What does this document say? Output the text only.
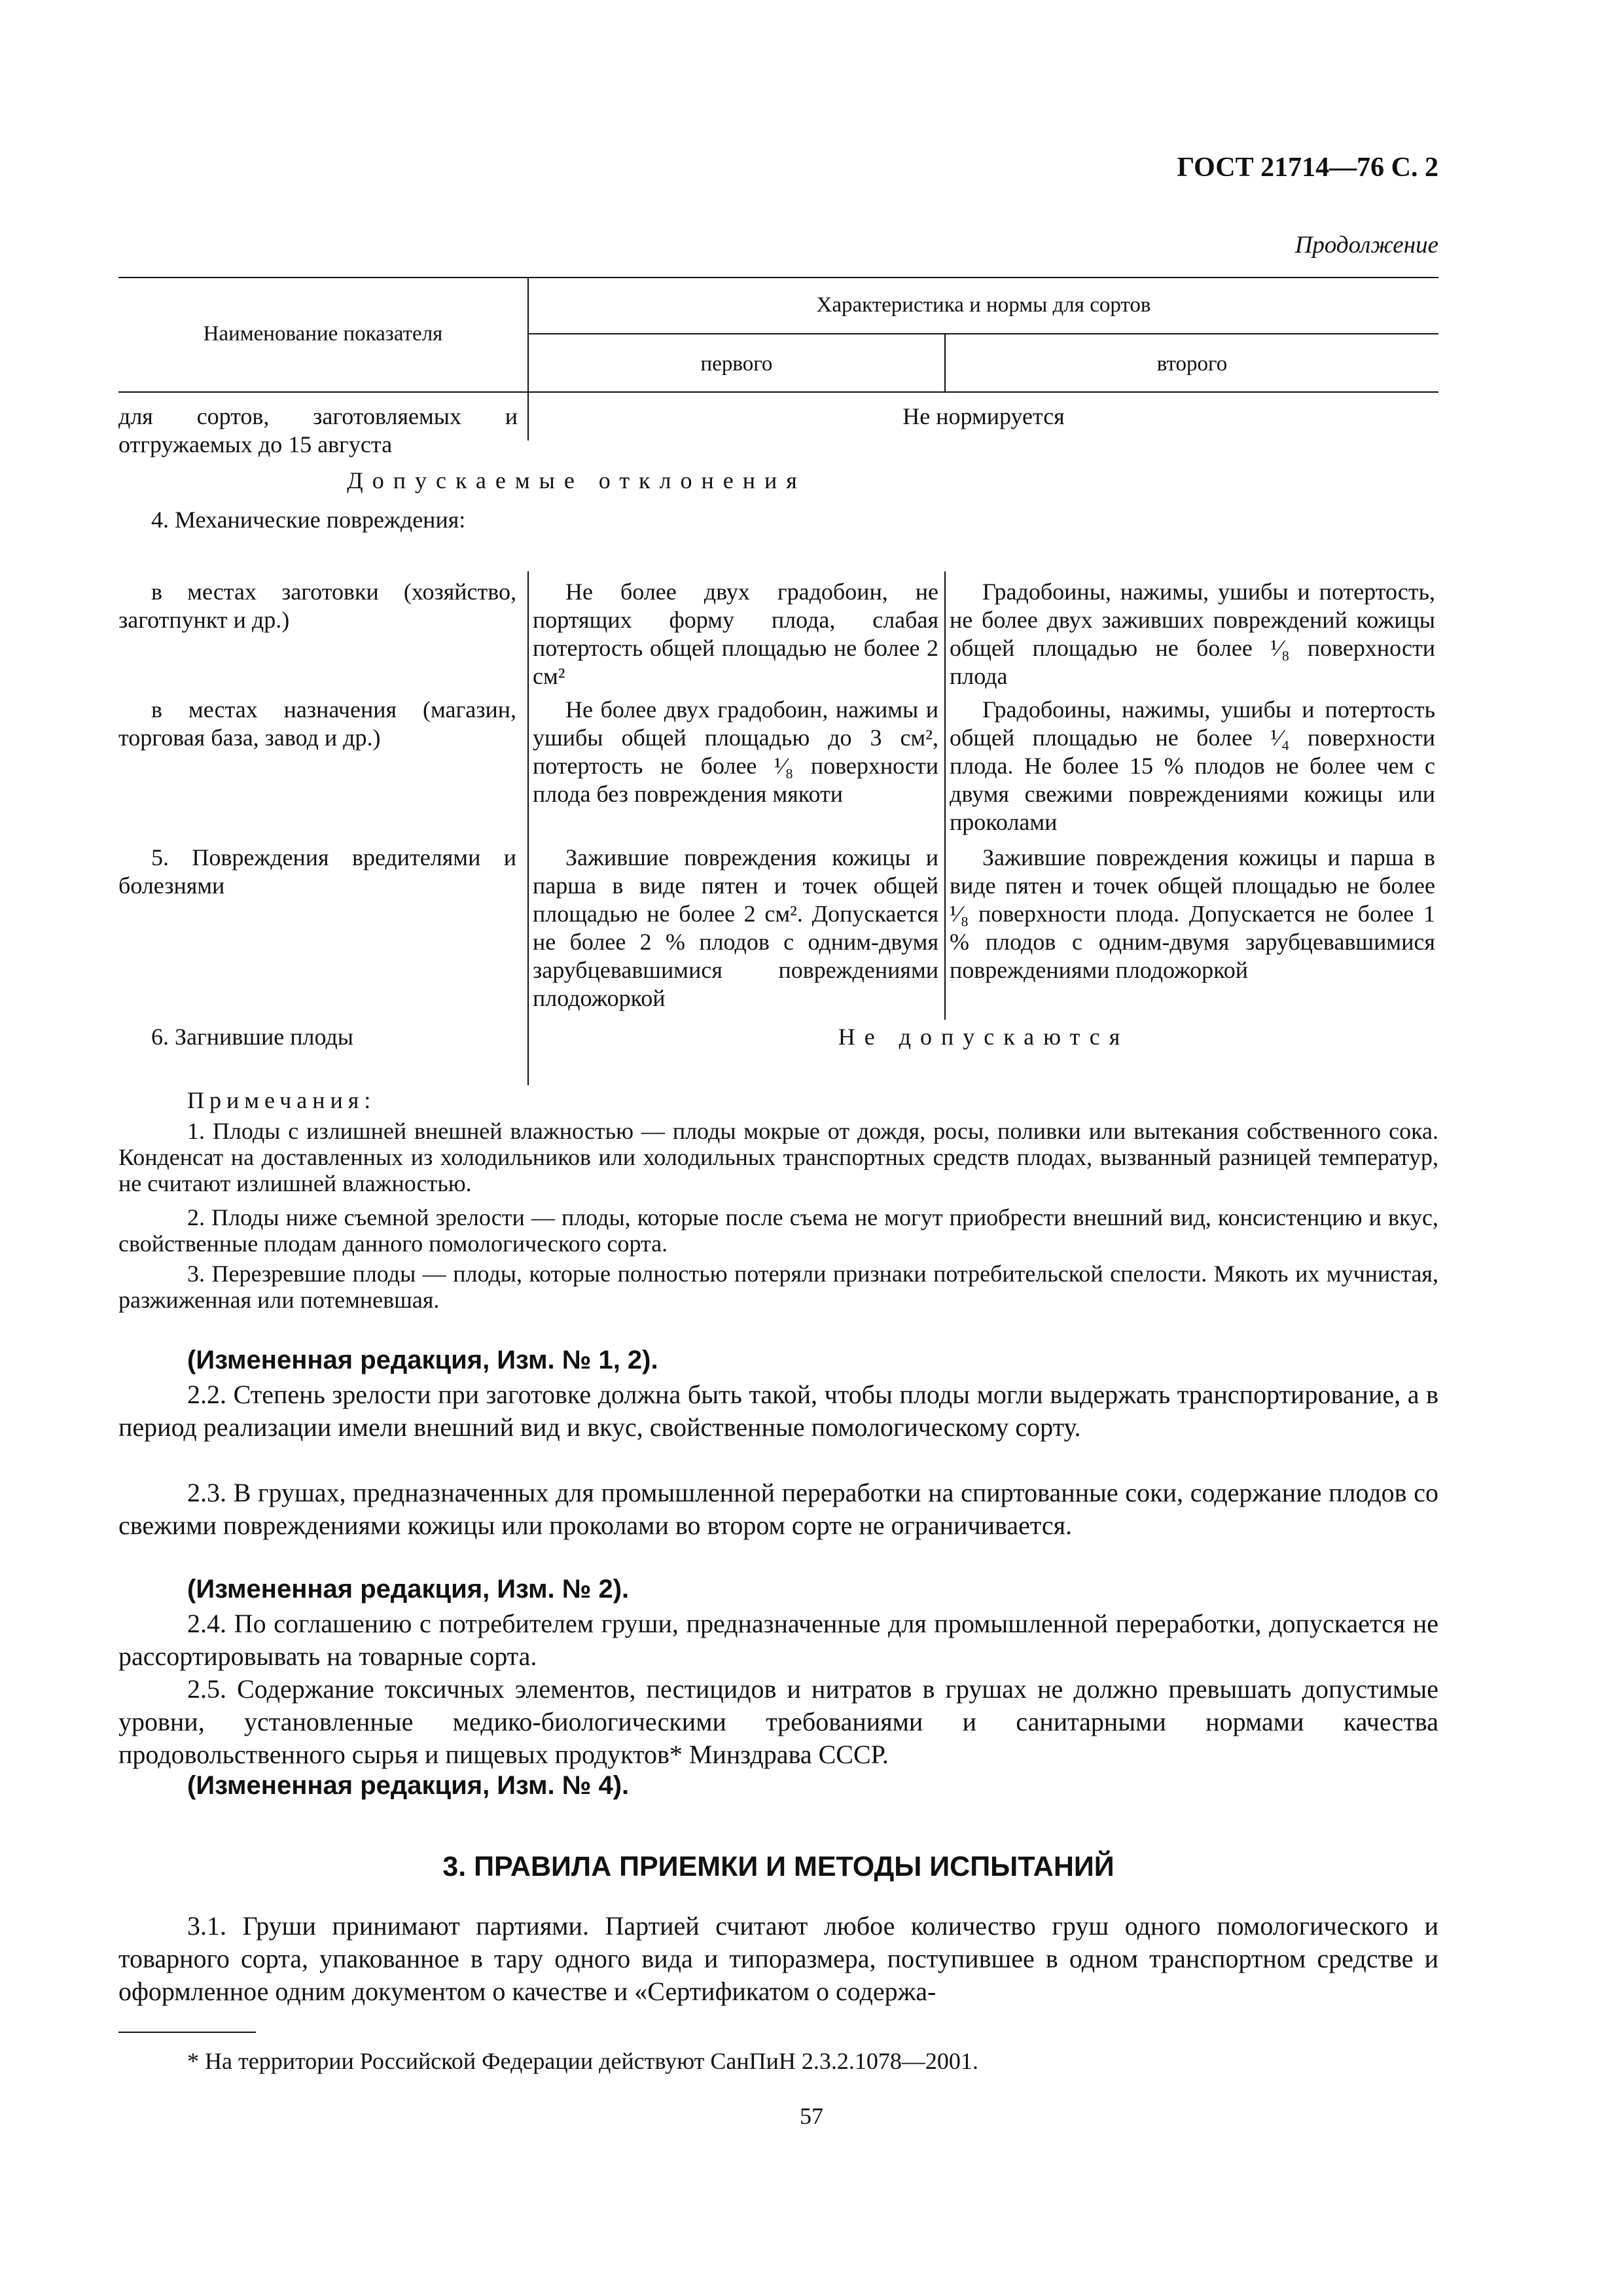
ГОСТ 21714—76 С. 2
Продолжение
Наименование показателя
Характеристика и нормы для сортов
первого	второго
для сортов, заготовляемых и отгружаемых до 15 августа
Не нормируется
Допускаемые отклонения
4. Механические повреждения:
в местах заготовки (хозяйство, заготпункт и др.)
Не более двух градобоин, не портящих форму плода, слабая потертость общей площадью не более 2 см²
Градобоины, нажимы, ушибы и потертость, не более двух заживших повреждений кожицы общей площадью не более ¹⁄₈ поверхности плода
в местах назначения (магазин, торговая база, завод и др.)
Не более двух градобоин, нажимы и ушибы общей площадью до 3 см², потертость не более ¹⁄₈ поверхности плода без повреждения мякоти
Градобоины, нажимы, ушибы и потертость общей площадью не более ¹⁄₄ поверхности плода. Не более 15 % плодов не более чем с двумя свежими повреждениями кожицы или проколами
5. Повреждения вредителями и болезнями
Зажившие повреждения кожицы и парша в виде пятен и точек общей площадью не более 2 см². Допускается не более 2 % плодов с одним-двумя зарубцевавшимися повреждениями плодожоркой
Зажившие повреждения кожицы и парша в виде пятен и точек общей площадью не более ¹⁄₈ поверхности плода. Допускается не более 1 % плодов с одним-двумя зарубцевавшимися повреждениями плодожоркой
6. Загнившие плоды	Не допускаются
Примечания:
1. Плоды с излишней внешней влажностью — плоды мокрые от дождя, росы, поливки или вытекания собственного сока. Конденсат на доставленных из холодильников или холодильных транспортных средств плодах, вызванный разницей температур, не считают излишней влажностью.
2. Плоды ниже съемной зрелости — плоды, которые после съема не могут приобрести внешний вид, консистенцию и вкус, свойственные плодам данного помологического сорта.
3. Перезревшие плоды — плоды, которые полностью потеряли признаки потребительской спелости. Мякоть их мучнистая, разжиженная или потемневшая.
(Измененная редакция, Изм. № 1, 2).
2.2. Степень зрелости при заготовке должна быть такой, чтобы плоды могли выдержать транспортирование, а в период реализации имели внешний вид и вкус, свойственные помологическому сорту.
2.3. В грушах, предназначенных для промышленной переработки на спиртованные соки, содержание плодов со свежими повреждениями кожицы или проколами во втором сорте не ограничивается.
(Измененная редакция, Изм. № 2).
2.4. По соглашению с потребителем груши, предназначенные для промышленной переработки, допускается не рассортировывать на товарные сорта.
2.5. Содержание токсичных элементов, пестицидов и нитратов в грушах не должно превышать допустимые уровни, установленные медико-биологическими требованиями и санитарными нормами качества продовольственного сырья и пищевых продуктов* Минздрава СССР.
(Измененная редакция, Изм. № 4).
3. ПРАВИЛА ПРИЕМКИ И МЕТОДЫ ИСПЫТАНИЙ
3.1. Груши принимают партиями. Партией считают любое количество груш одного помологического и товарного сорта, упакованное в тару одного вида и типоразмера, поступившее в одном транспортном средстве и оформленное одним документом о качестве и «Сертификатом о содержа-
* На территории Российской Федерации действуют СанПиН 2.3.2.1078—2001.
57
